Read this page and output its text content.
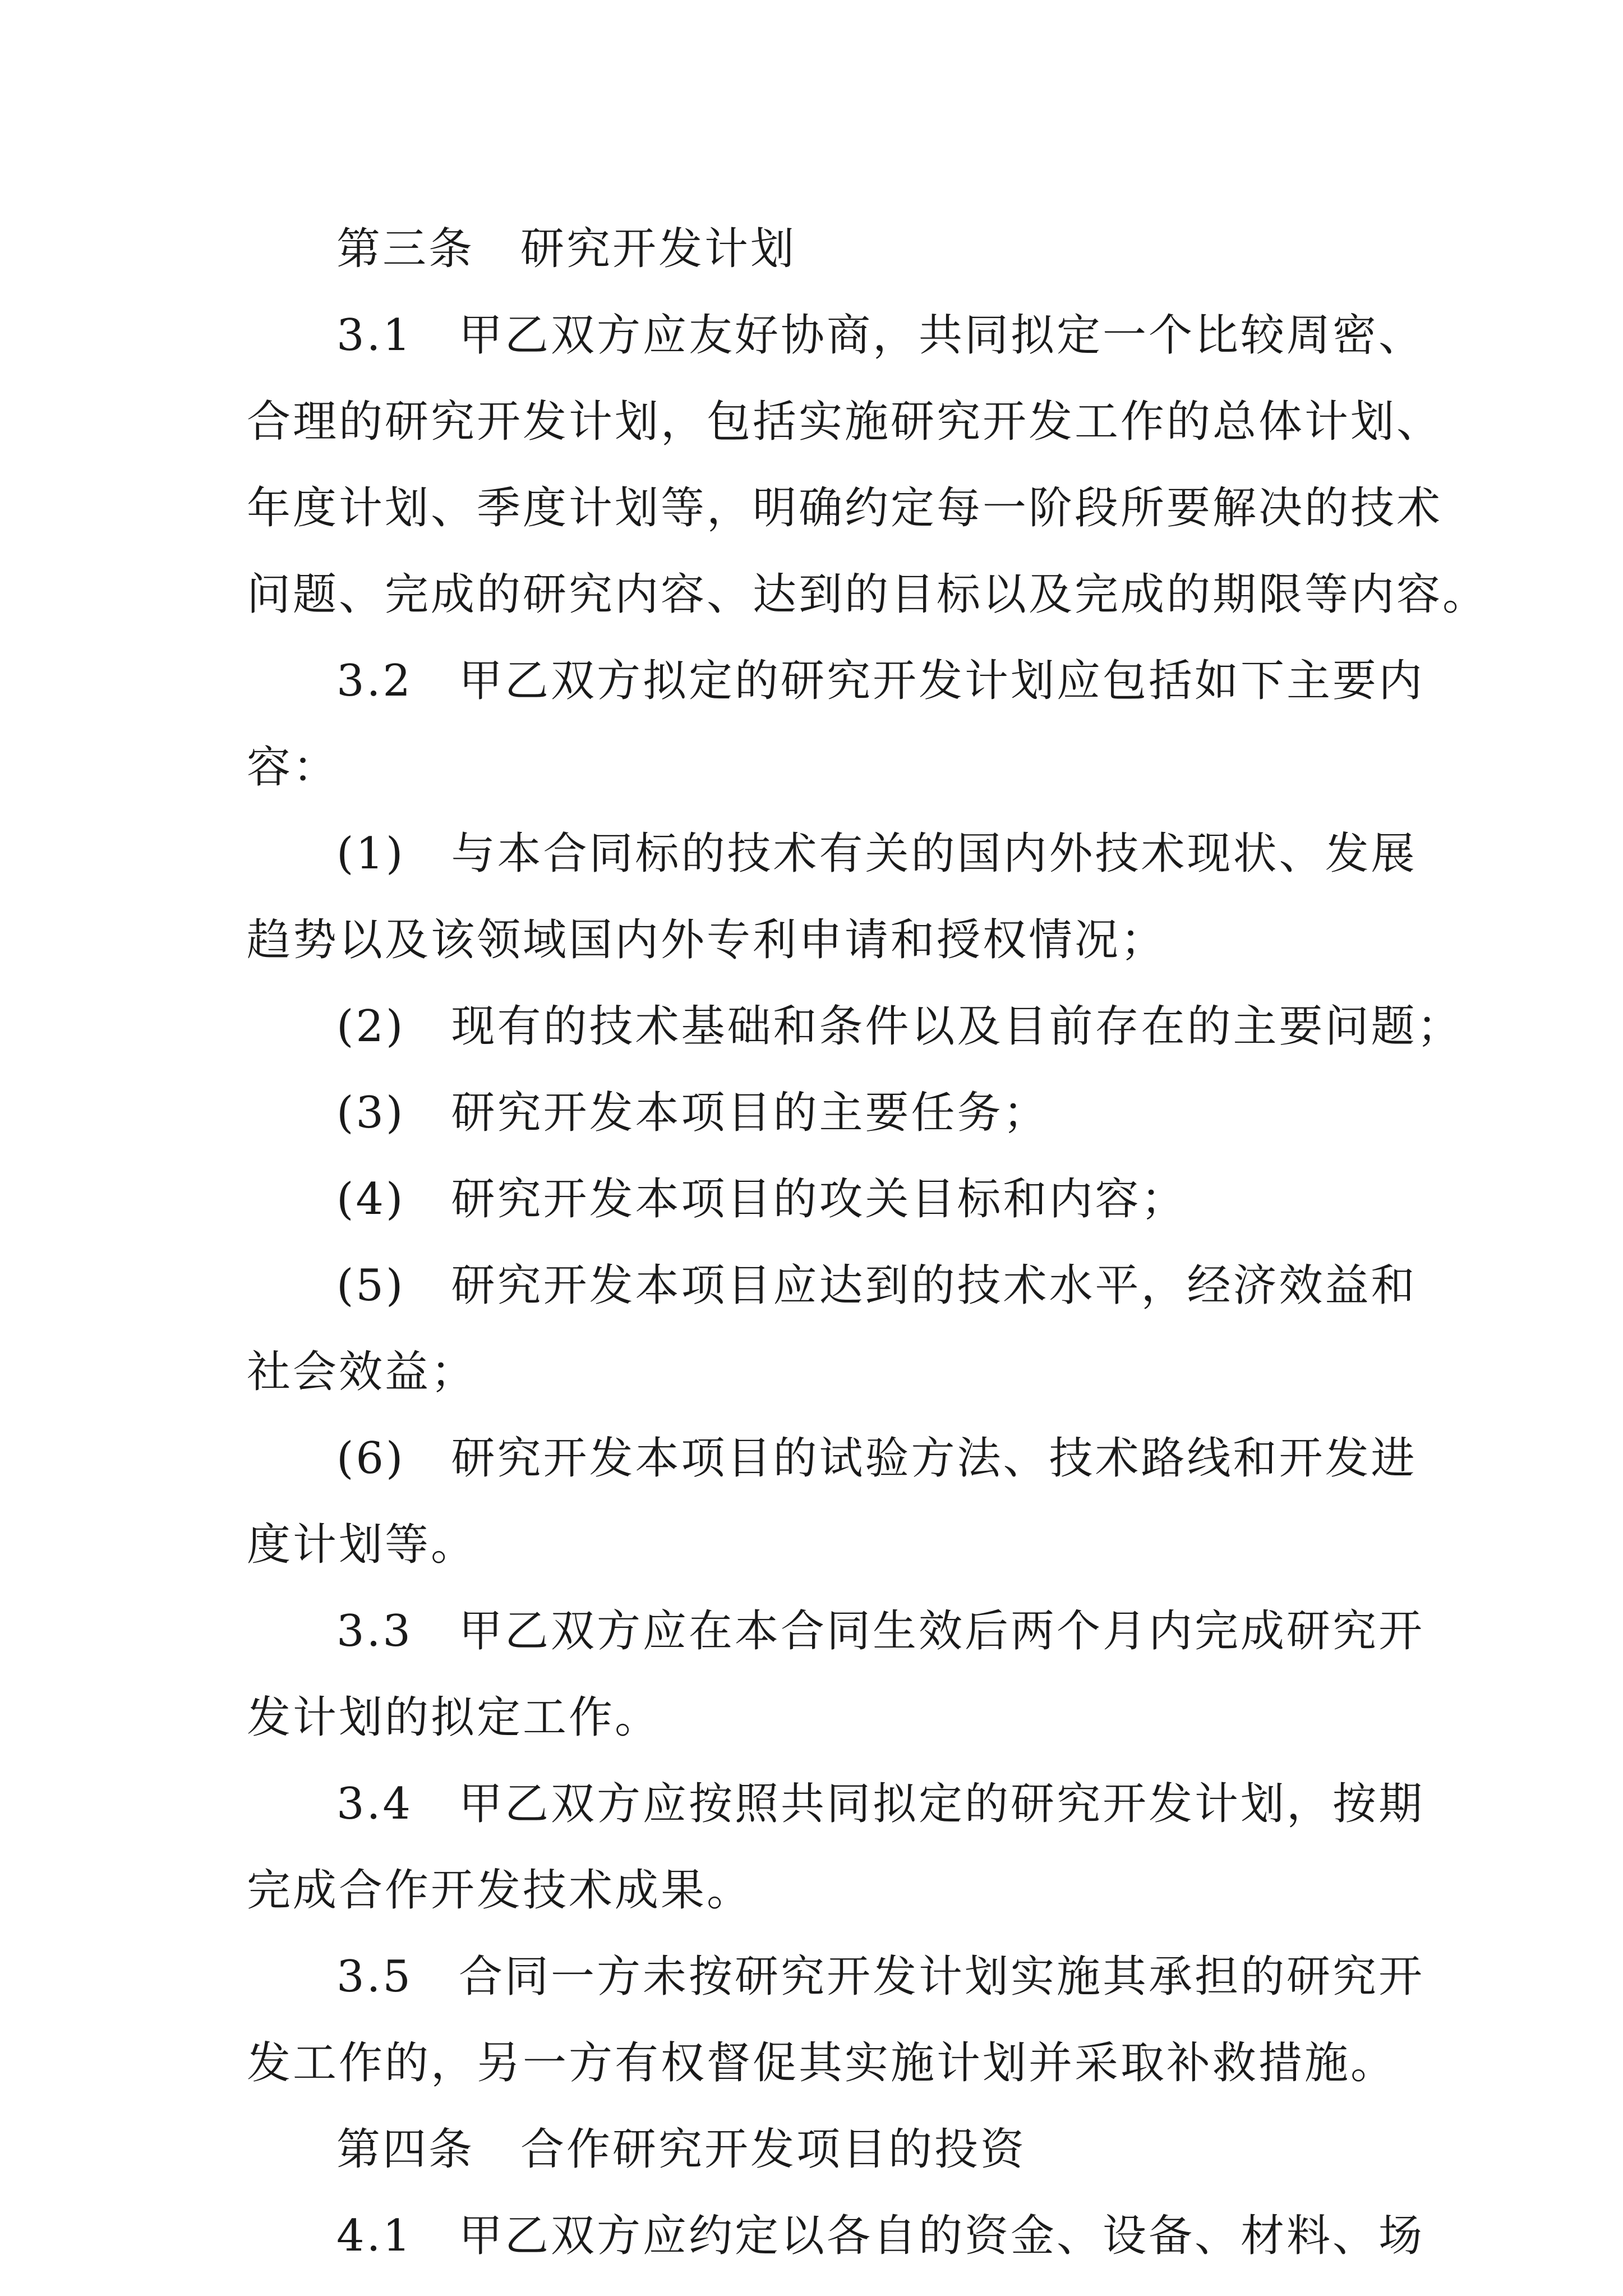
第三条　研究开发计划
3.1　甲乙双方应友好协商，共同拟定一个比较周密、
合理的研究开发计划，包括实施研究开发工作的总体计划、
年度计划、季度计划等，明确约定每一阶段所要解决的技术
问题、完成的研究内容、达到的目标以及完成的期限等内容。
3.2　甲乙双方拟定的研究开发计划应包括如下主要内
容：
(1)　与本合同标的技术有关的国内外技术现状、发展
趋势以及该领域国内外专利申请和授权情况；
(2)　现有的技术基础和条件以及目前存在的主要问题；
(3)　研究开发本项目的主要任务；
(4)　研究开发本项目的攻关目标和内容；
(5)　研究开发本项目应达到的技术水平，经济效益和
社会效益；
(6)　研究开发本项目的试验方法、技术路线和开发进
度计划等。
3.3　甲乙双方应在本合同生效后两个月内完成研究开
发计划的拟定工作。
3.4　甲乙双方应按照共同拟定的研究开发计划，按期
完成合作开发技术成果。
3.5　合同一方未按研究开发计划实施其承担的研究开
发工作的，另一方有权督促其实施计划并采取补救措施。
第四条　合作研究开发项目的投资
4.1　甲乙双方应约定以各自的资金、设备、材料、场
